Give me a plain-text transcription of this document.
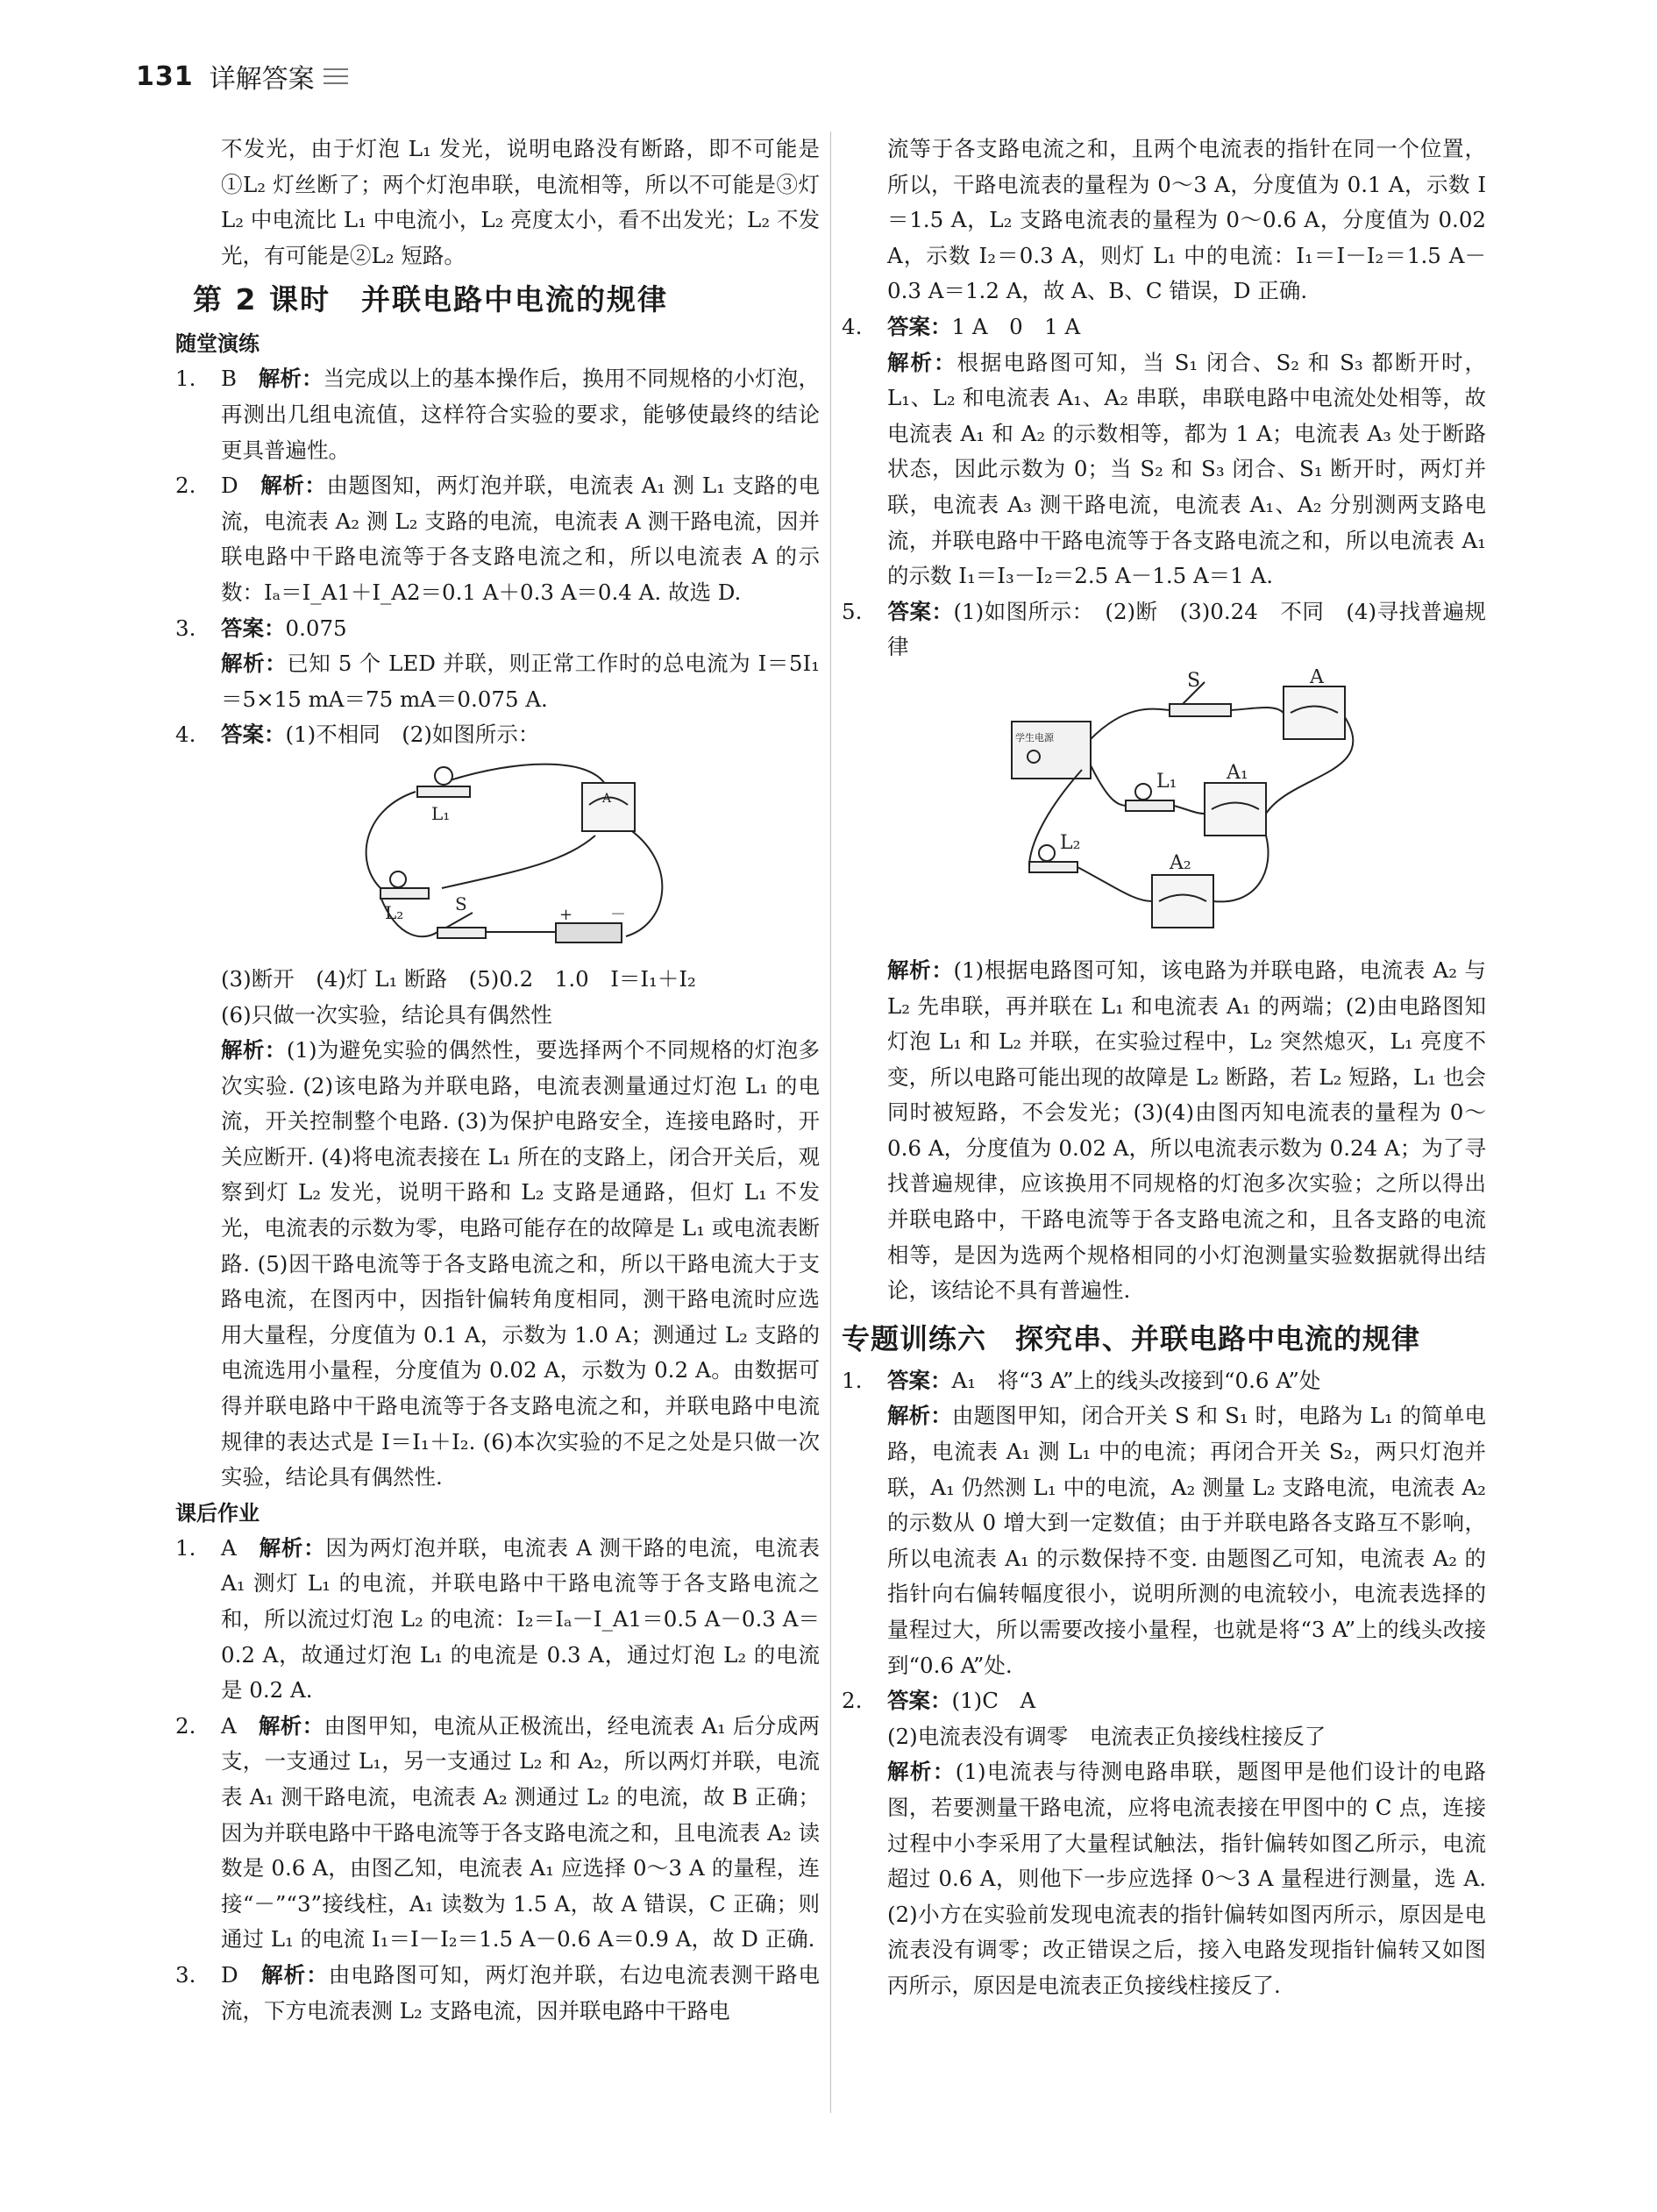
131 详解答案
不发光，由于灯泡 L₁ 发光，说明电路没有断路，即不可能是①L₂ 灯丝断了；两个灯泡串联，电流相等，所以不可能是③灯 L₂ 中电流比 L₁ 中电流小，L₂ 亮度太小，看不出发光；L₂ 不发光，有可能是②L₂ 短路。
第 2 课时　并联电路中电流的规律
随堂演练
1. B　解析：当完成以上的基本操作后，换用不同规格的小灯泡，再测出几组电流值，这样符合实验的要求，能够使最终的结论更具普遍性。
2. D　解析：由题图知，两灯泡并联，电流表 A₁ 测 L₁ 支路的电流，电流表 A₂ 测 L₂ 支路的电流，电流表 A 测干路电流，因并联电路中干路电流等于各支路电流之和，所以电流表 A 的示数：Iₐ＝I_A1＋I_A2＝0.1 A＋0.3 A＝0.4 A. 故选 D.
3. 答案：0.075
解析：已知 5 个 LED 并联，则正常工作时的总电流为 I＝5I₁＝5×15 mA＝75 mA＝0.075 A.
4. 答案：(1)不相同　(2)如图所示：
L₁
L₂	S
A
+ －
(3)断开　(4)灯 L₁ 断路　(5)0.2　1.0　I＝I₁＋I₂
(6)只做一次实验，结论具有偶然性
解析：(1)为避免实验的偶然性，要选择两个不同规格的灯泡多次实验. (2)该电路为并联电路，电流表测量通过灯泡 L₁ 的电流，开关控制整个电路. (3)为保护电路安全，连接电路时，开关应断开. (4)将电流表接在 L₁ 所在的支路上，闭合开关后，观察到灯 L₂ 发光，说明干路和 L₂ 支路是通路，但灯 L₁ 不发光，电流表的示数为零，电路可能存在的故障是 L₁ 或电流表断路. (5)因干路电流等于各支路电流之和，所以干路电流大于支路电流，在图丙中，因指针偏转角度相同，测干路电流时应选用大量程，分度值为 0.1 A，示数为 1.0 A；测通过 L₂ 支路的电流选用小量程，分度值为 0.02 A，示数为 0.2 A。由数据可得并联电路中干路电流等于各支路电流之和，并联电路中电流规律的表达式是 I＝I₁＋I₂. (6)本次实验的不足之处是只做一次实验，结论具有偶然性.
课后作业
1. A　解析：因为两灯泡并联，电流表 A 测干路的电流，电流表 A₁ 测灯 L₁ 的电流，并联电路中干路电流等于各支路电流之和，所以流过灯泡 L₂ 的电流：I₂＝Iₐ－I_A1＝0.5 A－0.3 A＝0.2 A，故通过灯泡 L₁ 的电流是 0.3 A，通过灯泡 L₂ 的电流是 0.2 A.
2. A　解析：由图甲知，电流从正极流出，经电流表 A₁ 后分成两支，一支通过 L₁，另一支通过 L₂ 和 A₂，所以两灯并联，电流表 A₁ 测干路电流，电流表 A₂ 测通过 L₂ 的电流，故 B 正确；因为并联电路中干路电流等于各支路电流之和，且电流表 A₂ 读数是 0.6 A，由图乙知，电流表 A₁ 应选择 0～3 A 的量程，连接“－”“3”接线柱，A₁ 读数为 1.5 A，故 A 错误，C 正确；则通过 L₁ 的电流 I₁＝I－I₂＝1.5 A－0.6 A＝0.9 A，故 D 正确.
3. D　解析：由电路图可知，两灯泡并联，右边电流表测干路电流，下方电流表测 L₂ 支路电流，因并联电路中干路电
流等于各支路电流之和，且两个电流表的指针在同一个位置，所以，干路电流表的量程为 0～3 A，分度值为 0.1 A，示数 I＝1.5 A，L₂ 支路电流表的量程为 0～0.6 A，分度值为 0.02 A，示数 I₂＝0.3 A，则灯 L₁ 中的电流：I₁＝I－I₂＝1.5 A－0.3 A＝1.2 A，故 A、B、C 错误，D 正确.
4. 答案：1 A　0　1 A
解析：根据电路图可知，当 S₁ 闭合、S₂ 和 S₃ 都断开时，L₁、L₂ 和电流表 A₁、A₂ 串联，串联电路中电流处处相等，故电流表 A₁ 和 A₂ 的示数相等，都为 1 A；电流表 A₃ 处于断路状态，因此示数为 0；当 S₂ 和 S₃ 闭合、S₁ 断开时，两灯并联，电流表 A₃ 测干路电流，电流表 A₁、A₂ 分别测两支路电流，并联电路中干路电流等于各支路电流之和，所以电流表 A₁ 的示数 I₁＝I₃－I₂＝2.5 A－1.5 A＝1 A.
5. 答案：(1)如图所示：　(2)断　(3)0.24　不同　(4)寻找普遍规律
学生电源
S	A
A₁
A₂
L₁
L₂
解析：(1)根据电路图可知，该电路为并联电路，电流表 A₂ 与 L₂ 先串联，再并联在 L₁ 和电流表 A₁ 的两端；(2)由电路图知灯泡 L₁ 和 L₂ 并联，在实验过程中，L₂ 突然熄灭，L₁ 亮度不变，所以电路可能出现的故障是 L₂ 断路，若 L₂ 短路，L₁ 也会同时被短路，不会发光；(3)(4)由图丙知电流表的量程为 0～0.6 A，分度值为 0.02 A，所以电流表示数为 0.24 A；为了寻找普遍规律，应该换用不同规格的灯泡多次实验；之所以得出并联电路中，干路电流等于各支路电流之和，且各支路的电流相等，是因为选两个规格相同的小灯泡测量实验数据就得出结论，该结论不具有普遍性.
专题训练六　探究串、并联电路中电流的规律
1. 答案：A₁　将“3 A”上的线头改接到“0.6 A”处
解析：由题图甲知，闭合开关 S 和 S₁ 时，电路为 L₁ 的简单电路，电流表 A₁ 测 L₁ 中的电流；再闭合开关 S₂，两只灯泡并联，A₁ 仍然测 L₁ 中的电流，A₂ 测量 L₂ 支路电流，电流表 A₂ 的示数从 0 增大到一定数值；由于并联电路各支路互不影响，所以电流表 A₁ 的示数保持不变. 由题图乙可知，电流表 A₂ 的指针向右偏转幅度很小，说明所测的电流较小，电流表选择的量程过大，所以需要改接小量程，也就是将“3 A”上的线头改接到“0.6 A”处.
2. 答案：(1)C　A
(2)电流表没有调零　电流表正负接线柱接反了
解析：(1)电流表与待测电路串联，题图甲是他们设计的电路图，若要测量干路电流，应将电流表接在甲图中的 C 点，连接过程中小李采用了大量程试触法，指针偏转如图乙所示，电流超过 0.6 A，则他下一步应选择 0～3 A 量程进行测量，选 A. (2)小方在实验前发现电流表的指针偏转如图丙所示，原因是电流表没有调零；改正错误之后，接入电路发现指针偏转又如图丙所示，原因是电流表正负接线柱接反了.
